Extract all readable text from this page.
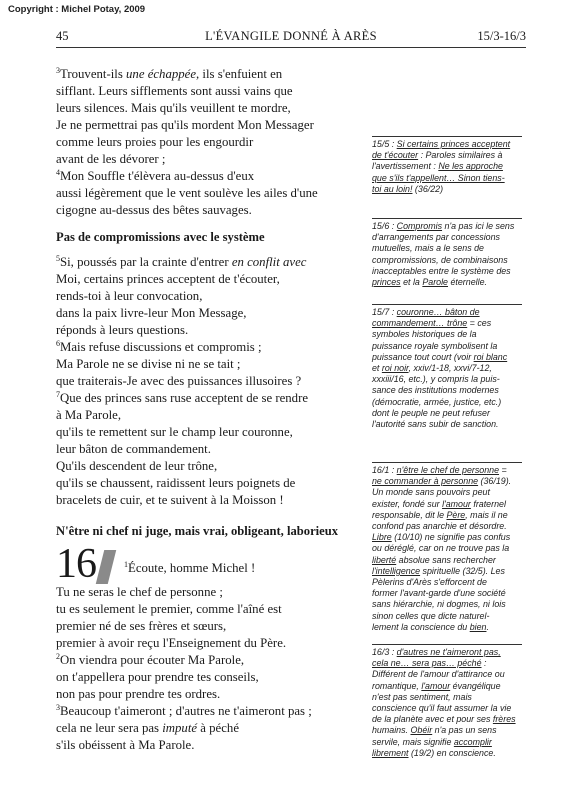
Copyright : Michel Potay, 2009
45	L'ÉVANGILE DONNÉ À ARÈS	15/3-16/3

$^3$Trouvent-ils une échappée, ils s'enfuient en

sifflant. Leurs sifflements sont aussi vains que

leurs silences. Mais qu'ils veuillent te mordre,

Je ne permettrai pas qu'ils mordent Mon Messager

comme leurs proies pour les engourdir

avant de les dévorer ;

$^4$Mon Souffle t'élèvera au-dessus d'eux

aussi légèrement que le vent soulève les ailes d'une

cigogne au-dessus des bêtes sauvages.

Pas de compromissions avec le système

$^5$Si, poussés par la crainte d'entrer en conflit avec

Moi, certains princes acceptent de t'écouter,

rends-toi à leur convocation,

dans la paix livre-leur Mon Message,

réponds à leurs questions.

$^6$Mais refuse discussions et compromis ;

Ma Parole ne se divise ni ne se tait ;

que traiterais-Je avec des puissances illusoires ?

$^7$Que des princes sans ruse acceptent de se rendre

à Ma Parole,

qu'ils te remettent sur le champ leur couronne,

leur bâton de commandement.

Qu'ils descendent de leur trône,

qu'ils se chaussent, raidissent leurs poignets de

bracelets de cuir, et te suivent à la Moisson !

N'être ni chef ni juge, mais vrai, obligeant, laborieux

16	$^1$Écoute, homme Michel !

Tu ne seras le chef de personne ;

tu es seulement le premier, comme l'aîné est

premier né de ses frères et sœurs,

premier à avoir reçu l'Enseignement du Père.

$^2$On viendra pour écouter Ma Parole,

on t'appellera pour prendre tes conseils,

non pas pour prendre tes ordres.

$^3$Beaucoup t'aimeront ; d'autres ne t'aimeront pas ;

cela ne leur sera pas imputé à péché

s'ils obéissent à Ma Parole.

15/5 : Si certains princes acceptent

de t'écouter : Paroles similaires à

l'avertissement : Ne les approche

que s'ils t'appellent… Sinon tiens-

toi au loin! (36/22)

15/6 : Compromis n'a pas ici le sens

d'arrangements par concessions

mutuelles, mais a le sens de

compromissions, de combinaisons

inacceptables entre le système des

princes et la Parole éternelle.

15/7 : couronne… bâton de

commandement… trône = ces

symboles historiques de la

puissance royale symbolisent la

puissance tout court (voir roi blanc

et roi noir, xxiv/1-18, xxvi/7-12,

xxxiii/16, etc.), y compris la puis-

sance des institutions modernes

(démocratie, armée, justice, etc.)

dont le peuple ne peut refuser

l'autorité sans subir de sanction.

16/1 : n'être le chef de personne =

ne commander à personne (36/19).

Un monde sans pouvoirs peut

exister, fondé sur l'amour fraternel

responsable, dit le Père, mais il ne

confond pas anarchie et désordre.

Libre (10/10) ne signifie pas confus

ou déréglé, car on ne trouve pas la

liberté absolue sans rechercher

l'intelligence spirituelle (32/5). Les

Pèlerins d'Arès s'efforcent de

former l'avant-garde d'une société

sans hiérarchie, ni dogmes, ni lois

sinon celles que dicte naturel-

lement la conscience du bien.

16/3 : d'autres ne t'aimeront pas,

cela ne… sera pas… péché :

Différent de l'amour d'attirance ou

romantique, l'amour évangélique

n'est pas sentiment, mais

conscience qu'il faut assumer la vie

de la planète avec et pour ses frères

humains. Obéir n'a pas un sens

servile, mais signifie accomplir

librement (19/2) en conscience.
